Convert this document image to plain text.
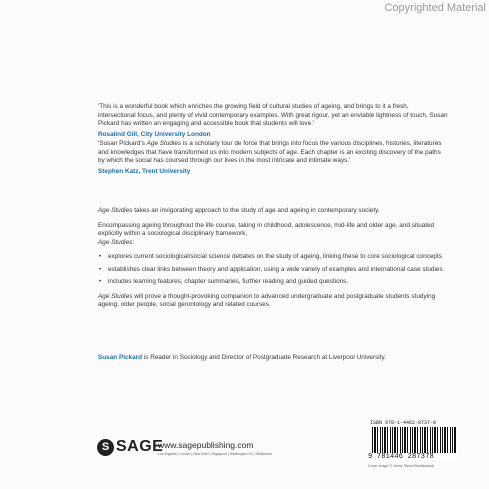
Copyrighted Material

'This is a wonderful book which enriches the growing field of cultural studies of ageing, and brings to it a fresh, intersectional focus, and plenty of vivid contemporary examples. With great rigour, yet an enviable lightness of touch, Susan Pickard has written an engaging and accessible book that students will love.'

Rosalind Gill, City University London

'Susan Pickard's Age Studies is a scholarly tour de force that brings into focus the various disciplines, histories, literatures and knowledges that have transformed us into modern subjects of age. Each chapter is an exciting discovery of the paths by which the social has coursed through our lives in the most intricate and intimate ways.'

Stephen Katz, Trent University

Age Studies takes an invigorating approach to the study of age and ageing in contemporary society.

Encompassing ageing throughout the life course, taking in childhood, adolescence, mid-life and older age, and situated explicitly within a sociological disciplinary framework,
Age Studies:

• explores current sociological/social science debates on the study of ageing, linking these to core sociological concepts
• establishes clear links between theory and application, using a wide variety of examples and international case studies
• includes learning features, chapter summaries, further reading and guided questions.

Age Studies will prove a thought-provoking companion to advanced undergraduate and postgraduate students studying ageing, older people, social gerontology and related courses.

Susan Pickard is Reader in Sociology and Director of Postgraduate Research at Liverpool University.
S SAGE
www.sagepublishing.com
Los Angeles | London | New Delhi | Singapore | Washington DC | Melbourne
ISBN 978-1-4462-8737-8
9 781446 287378
Cover image © Jenny Sturm/Shutterstock
